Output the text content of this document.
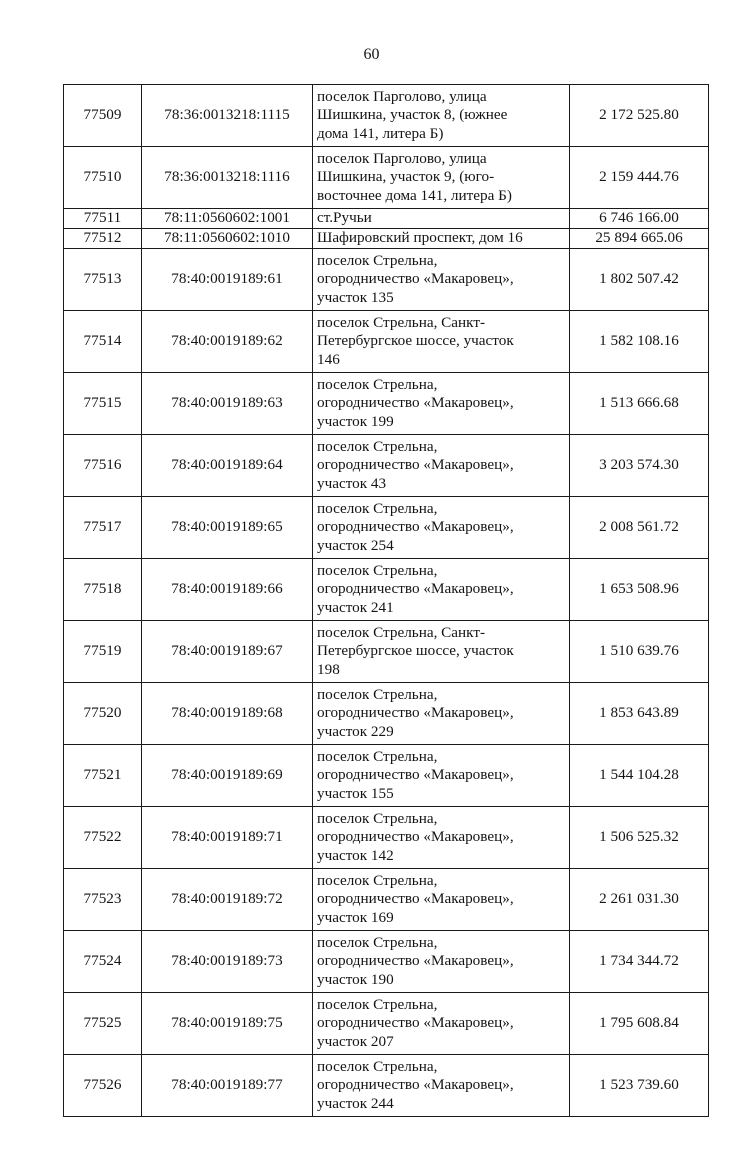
60
77509	78:36:0013218:1115	поселок Парголово, улица
Шишкина, участок 8, (южнее
дома 141, литера Б)	2 172 525.80
77510	78:36:0013218:1116	поселок Парголово, улица
Шишкина, участок 9, (юго-
восточнее дома 141, литера Б)	2 159 444.76
77511	78:11:0560602:1001	ст.Ручьи	6 746 166.00
77512	78:11:0560602:1010	Шафировский проспект, дом 16	25 894 665.06
77513	78:40:0019189:61	поселок Стрельна,
огородничество «Макаровец»,
участок 135	1 802 507.42
77514	78:40:0019189:62	поселок Стрельна, Санкт-
Петербургское шоссе, участок
146	1 582 108.16
77515	78:40:0019189:63	поселок Стрельна,
огородничество «Макаровец»,
участок 199	1 513 666.68
77516	78:40:0019189:64	поселок Стрельна,
огородничество «Макаровец»,
участок 43	3 203 574.30
77517	78:40:0019189:65	поселок Стрельна,
огородничество «Макаровец»,
участок 254	2 008 561.72
77518	78:40:0019189:66	поселок Стрельна,
огородничество «Макаровец»,
участок 241	1 653 508.96
77519	78:40:0019189:67	поселок Стрельна, Санкт-
Петербургское шоссе, участок
198	1 510 639.76
77520	78:40:0019189:68	поселок Стрельна,
огородничество «Макаровец»,
участок 229	1 853 643.89
77521	78:40:0019189:69	поселок Стрельна,
огородничество «Макаровец»,
участок 155	1 544 104.28
77522	78:40:0019189:71	поселок Стрельна,
огородничество «Макаровец»,
участок 142	1 506 525.32
77523	78:40:0019189:72	поселок Стрельна,
огородничество «Макаровец»,
участок 169	2 261 031.30
77524	78:40:0019189:73	поселок Стрельна,
огородничество «Макаровец»,
участок 190	1 734 344.72
77525	78:40:0019189:75	поселок Стрельна,
огородничество «Макаровец»,
участок 207	1 795 608.84
77526	78:40:0019189:77	поселок Стрельна,
огородничество «Макаровец»,
участок 244	1 523 739.60
